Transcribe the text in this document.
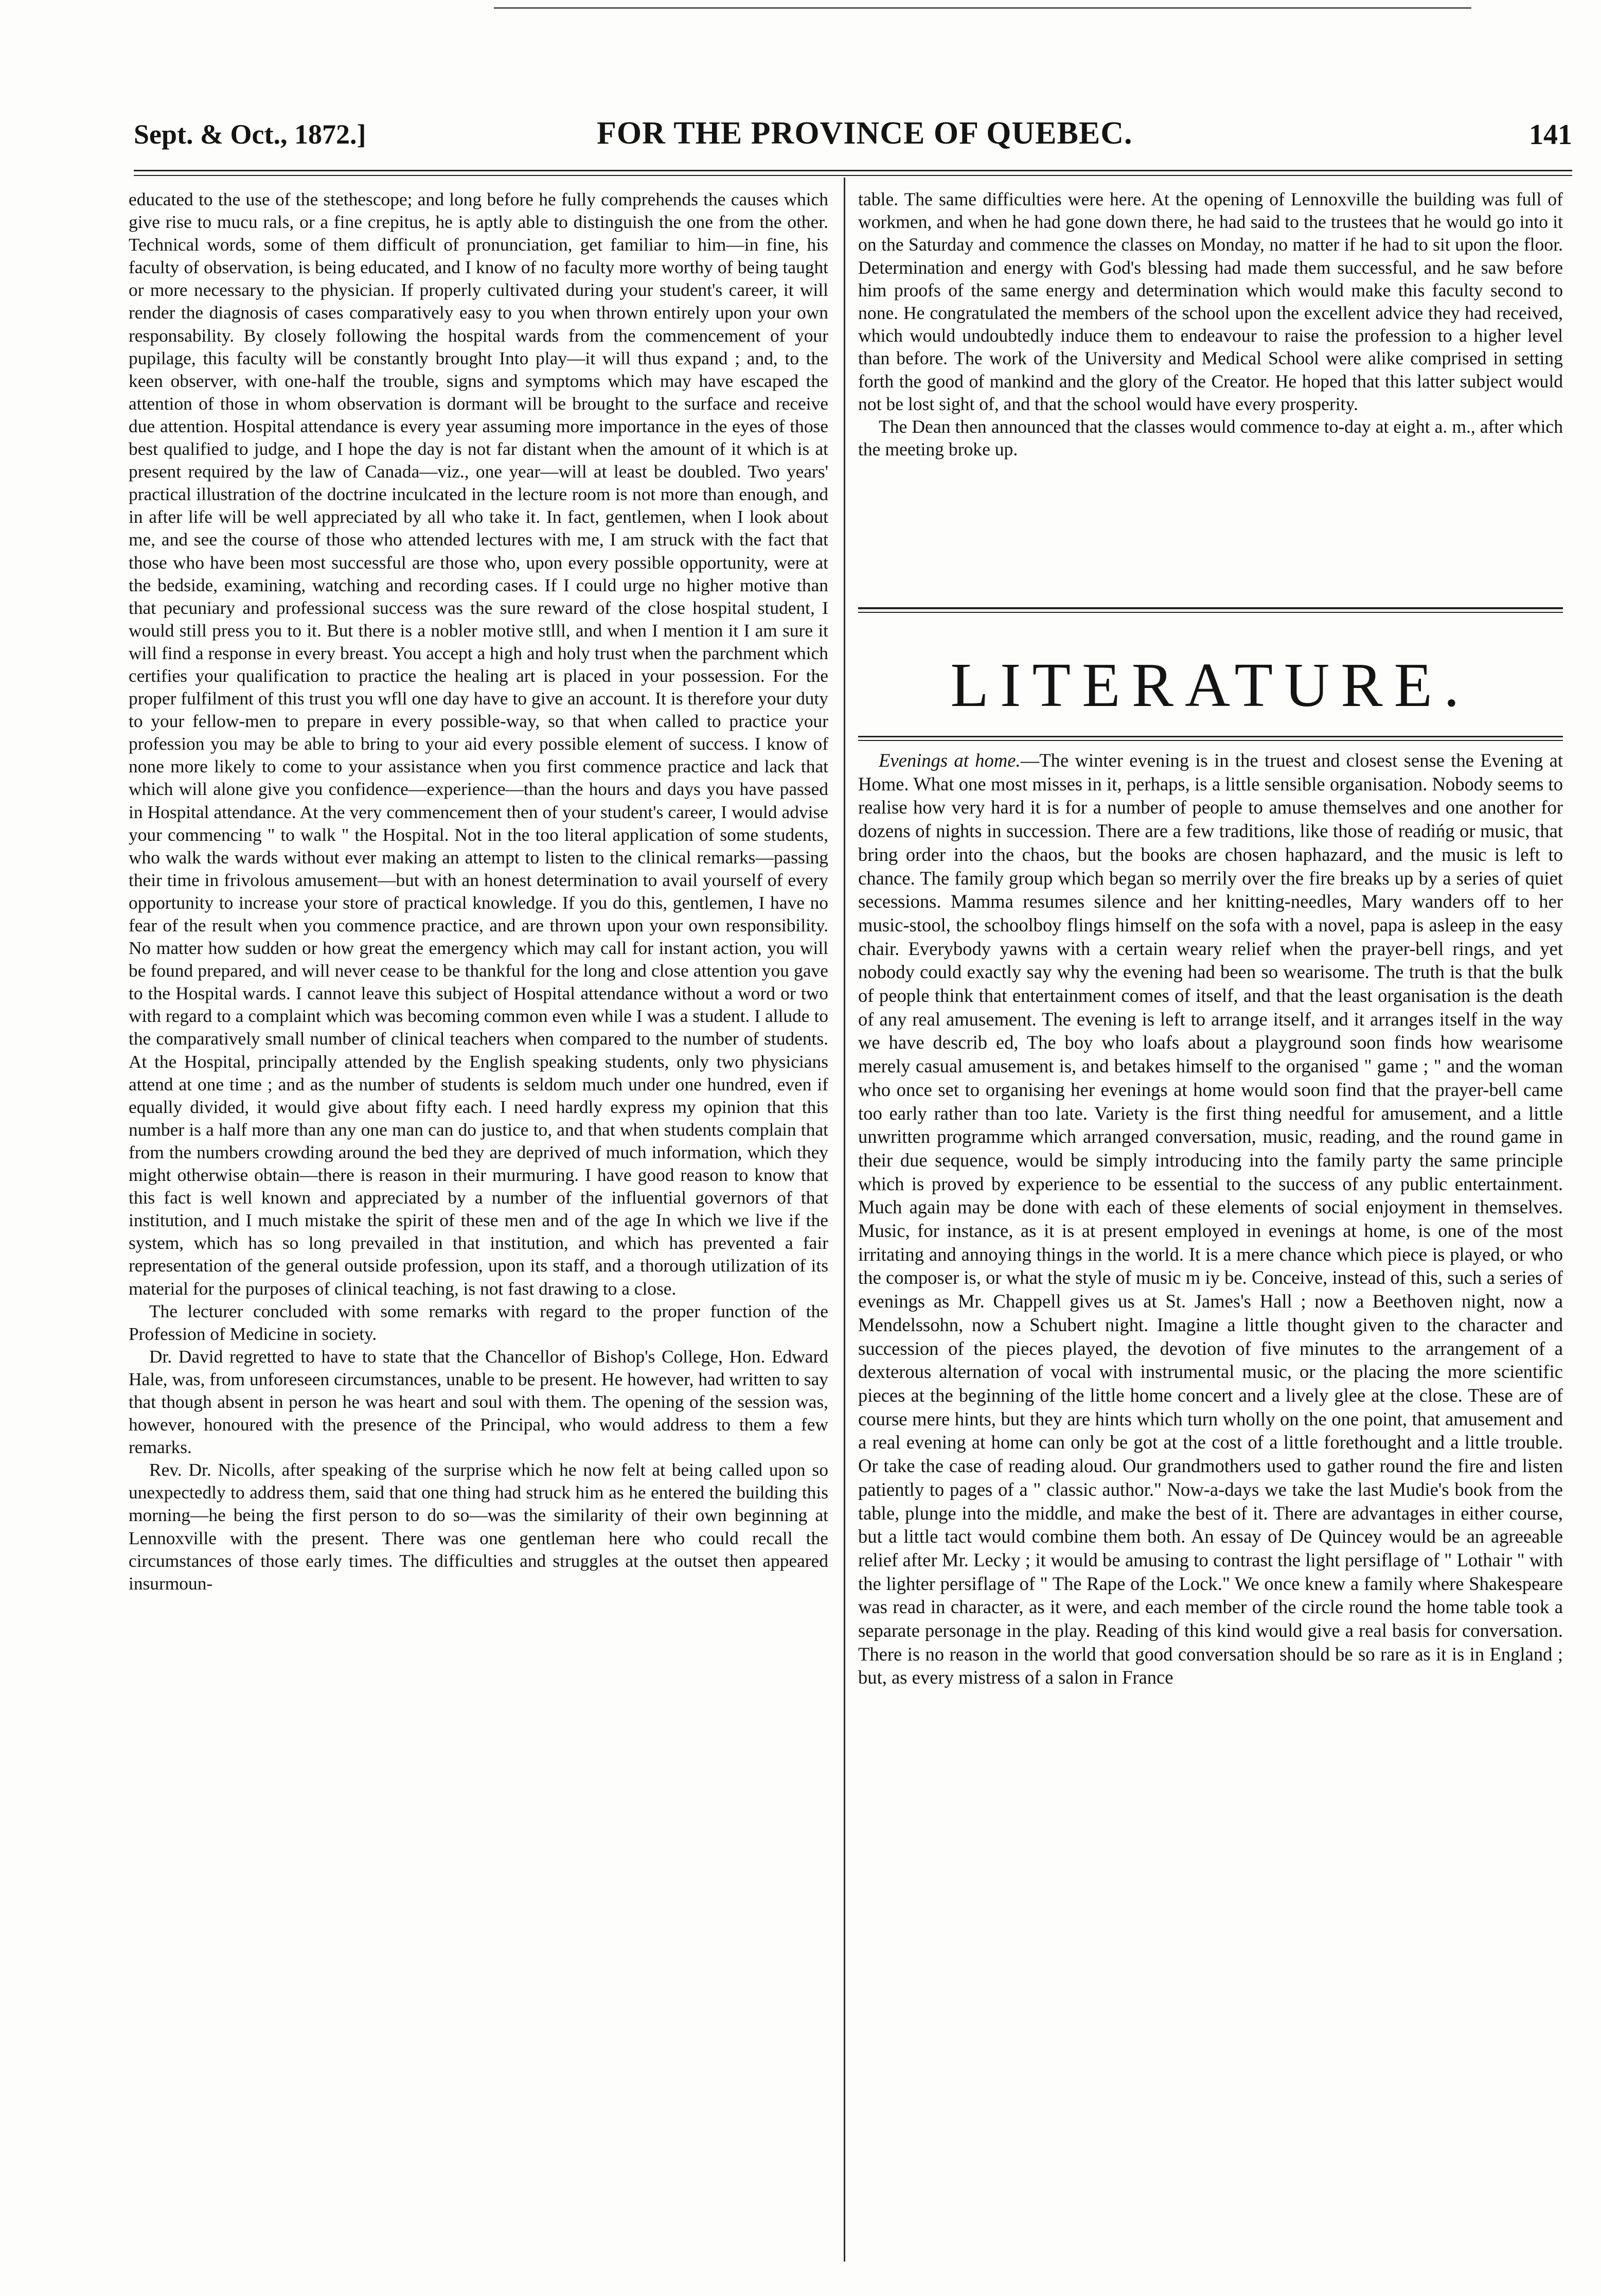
Sept. & Oct., 1872.]	FOR THE PROVINCE OF QUEBEC.	141

educated to the use of the stethescope; and long before he fully comprehends the causes which give rise to mucu rals, or a fine crepitus, he is aptly able to distinguish the one from the other. Technical words, some of them difficult of pronunciation, get familiar to him—in fine, his faculty of observation, is being educated, and I know of no faculty more worthy of being taught or more necessary to the physician. If properly cultivated during your student's career, it will render the diagnosis of cases comparatively easy to you when thrown entirely upon your own responsability. By closely following the hospital wards from the commencement of your pupilage, this faculty will be constantly brought Into play—it will thus expand ; and, to the keen observer, with one-half the trouble, signs and symptoms which may have escaped the attention of those in whom observation is dormant will be brought to the surface and receive due attention. Hospital attendance is every year assuming more importance in the eyes of those best qualified to judge, and I hope the day is not far distant when the amount of it which is at present required by the law of Canada—viz., one year—will at least be doubled. Two years' practical illustration of the doctrine inculcated in the lecture room is not more than enough, and in after life will be well appreciated by all who take it. In fact, gentlemen, when I look about me, and see the course of those who attended lectures with me, I am struck with the fact that those who have been most successful are those who, upon every possible opportunity, were at the bedside, examining, watching and recording cases. If I could urge no higher motive than that pecuniary and professional success was the sure reward of the close hospital student, I would still press you to it. But there is a nobler motive stlll, and when I mention it I am sure it will find a response in every breast. You accept a high and holy trust when the parchment which certifies your qualification to practice the healing art is placed in your possession. For the proper fulfilment of this trust you wfll one day have to give an account. It is therefore your duty to your fellow-men to prepare in every possible-way, so that when called to practice your profession you may be able to bring to your aid every possible element of success. I know of none more likely to come to your assistance when you first commence practice and lack that which will alone give you confidence—experience—than the hours and days you have passed in Hospital attendance. At the very commencement then of your student's career, I would advise your commencing " to walk " the Hospital. Not in the too literal application of some students, who walk the wards without ever making an attempt to listen to the clinical remarks—passing their time in frivolous amusement—but with an honest determination to avail yourself of every opportunity to increase your store of practical knowledge. If you do this, gentlemen, I have no fear of the result when you commence practice, and are thrown upon your own responsibility. No matter how sudden or how great the emergency which may call for instant action, you will be found prepared, and will never cease to be thankful for the long and close attention you gave to the Hospital wards. I cannot leave this subject of Hospital attendance without a word or two with regard to a complaint which was becoming common even while I was a student. I allude to the comparatively small number of clinical teachers when compared to the number of students. At the Hospital, principally attended by the English speaking students, only two physicians attend at one time ; and as the number of students is seldom much under one hundred, even if equally divided, it would give about fifty each. I need hardly express my opinion that this number is a half more than any one man can do justice to, and that when students complain that from the numbers crowding around the bed they are deprived of much information, which they might otherwise obtain—there is reason in their murmuring. I have good reason to know that this fact is well known and appreciated by a number of the influential governors of that institution, and I much mistake the spirit of these men and of the age In which we live if the system, which has so long prevailed in that institution, and which has prevented a fair representation of the general outside profession, upon its staff, and a thorough utilization of its material for the purposes of clinical teaching, is not fast drawing to a close.

The lecturer concluded with some remarks with regard to the proper function of the Profession of Medicine in society.

Dr. David regretted to have to state that the Chancellor of Bishop's College, Hon. Edward Hale, was, from unforeseen circumstances, unable to be present. He however, had written to say that though absent in person he was heart and soul with them. The opening of the session was, however, honoured with the presence of the Principal, who would address to them a few remarks.

Rev. Dr. Nicolls, after speaking of the surprise which he now felt at being called upon so unexpectedly to address them, said that one thing had struck him as he entered the building this morning—he being the first person to do so—was the similarity of their own beginning at Lennoxville with the present. There was one gentleman here who could recall the circumstances of those early times. The difficulties and struggles at the outset then appeared insurmoun-

table. The same difficulties were here. At the opening of Lennoxville the building was full of workmen, and when he had gone down there, he had said to the trustees that he would go into it on the Saturday and commence the classes on Monday, no matter if he had to sit upon the floor. Determination and energy with God's blessing had made them successful, and he saw before him proofs of the same energy and determination which would make this faculty second to none. He congratulated the members of the school upon the excellent advice they had received, which would undoubtedly induce them to endeavour to raise the profession to a higher level than before. The work of the University and Medical School were alike comprised in setting forth the good of mankind and the glory of the Creator. He hoped that this latter subject would not be lost sight of, and that the school would have every prosperity.

The Dean then announced that the classes would commence to-day at eight a. m., after which the meeting broke up.

LITERATURE.

Evenings at home.—The winter evening is in the truest and closest sense the Evening at Home. What one most misses in it, perhaps, is a little sensible organisation. Nobody seems to realise how very hard it is for a number of people to amuse themselves and one another for dozens of nights in succession. There are a few traditions, like those of readińg or music, that bring order into the chaos, but the books are chosen haphazard, and the music is left to chance. The family group which began so merrily over the fire breaks up by a series of quiet secessions. Mamma resumes silence and her knitting-needles, Mary wanders off to her music-stool, the schoolboy flings himself on the sofa with a novel, papa is asleep in the easy chair. Everybody yawns with a certain weary relief when the prayer-bell rings, and yet nobody could exactly say why the evening had been so wearisome. The truth is that the bulk of people think that entertainment comes of itself, and that the least organisation is the death of any real amusement. The evening is left to arrange itself, and it arranges itself in the way we have describ ed, The boy who loafs about a playground soon finds how wearisome merely casual amusement is, and betakes himself to the organised " game ; " and the woman who once set to organising her evenings at home would soon find that the prayer-bell came too early rather than too late. Variety is the first thing needful for amusement, and a little unwritten programme which arranged conversation, music, reading, and the round game in their due sequence, would be simply introducing into the family party the same principle which is proved by experience to be essential to the success of any public entertainment. Much again may be done with each of these elements of social enjoyment in themselves. Music, for instance, as it is at present employed in evenings at home, is one of the most irritating and annoying things in the world. It is a mere chance which piece is played, or who the composer is, or what the style of music m iy be. Conceive, instead of this, such a series of evenings as Mr. Chappell gives us at St. James's Hall ; now a Beethoven night, now a Mendelssohn, now a Schubert night. Imagine a little thought given to the character and succession of the pieces played, the devotion of five minutes to the arrangement of a dexterous alternation of vocal with instrumental music, or the placing the more scientific pieces at the beginning of the little home concert and a lively glee at the close. These are of course mere hints, but they are hints which turn wholly on the one point, that amusement and a real evening at home can only be got at the cost of a little forethought and a little trouble. Or take the case of reading aloud. Our grandmothers used to gather round the fire and listen patiently to pages of a " classic author." Now-a-days we take the last Mudie's book from the table, plunge into the middle, and make the best of it. There are advantages in either course, but a little tact would combine them both. An essay of De Quincey would be an agreeable relief after Mr. Lecky ; it would be amusing to contrast the light persiflage of " Lothair " with the lighter persiflage of " The Rape of the Lock." We once knew a family where Shakespeare was read in character, as it were, and each member of the circle round the home table took a separate personage in the play. Reading of this kind would give a real basis for conversation. There is no reason in the world that good conversation should be so rare as it is in England ; but, as every mistress of a salon in France
